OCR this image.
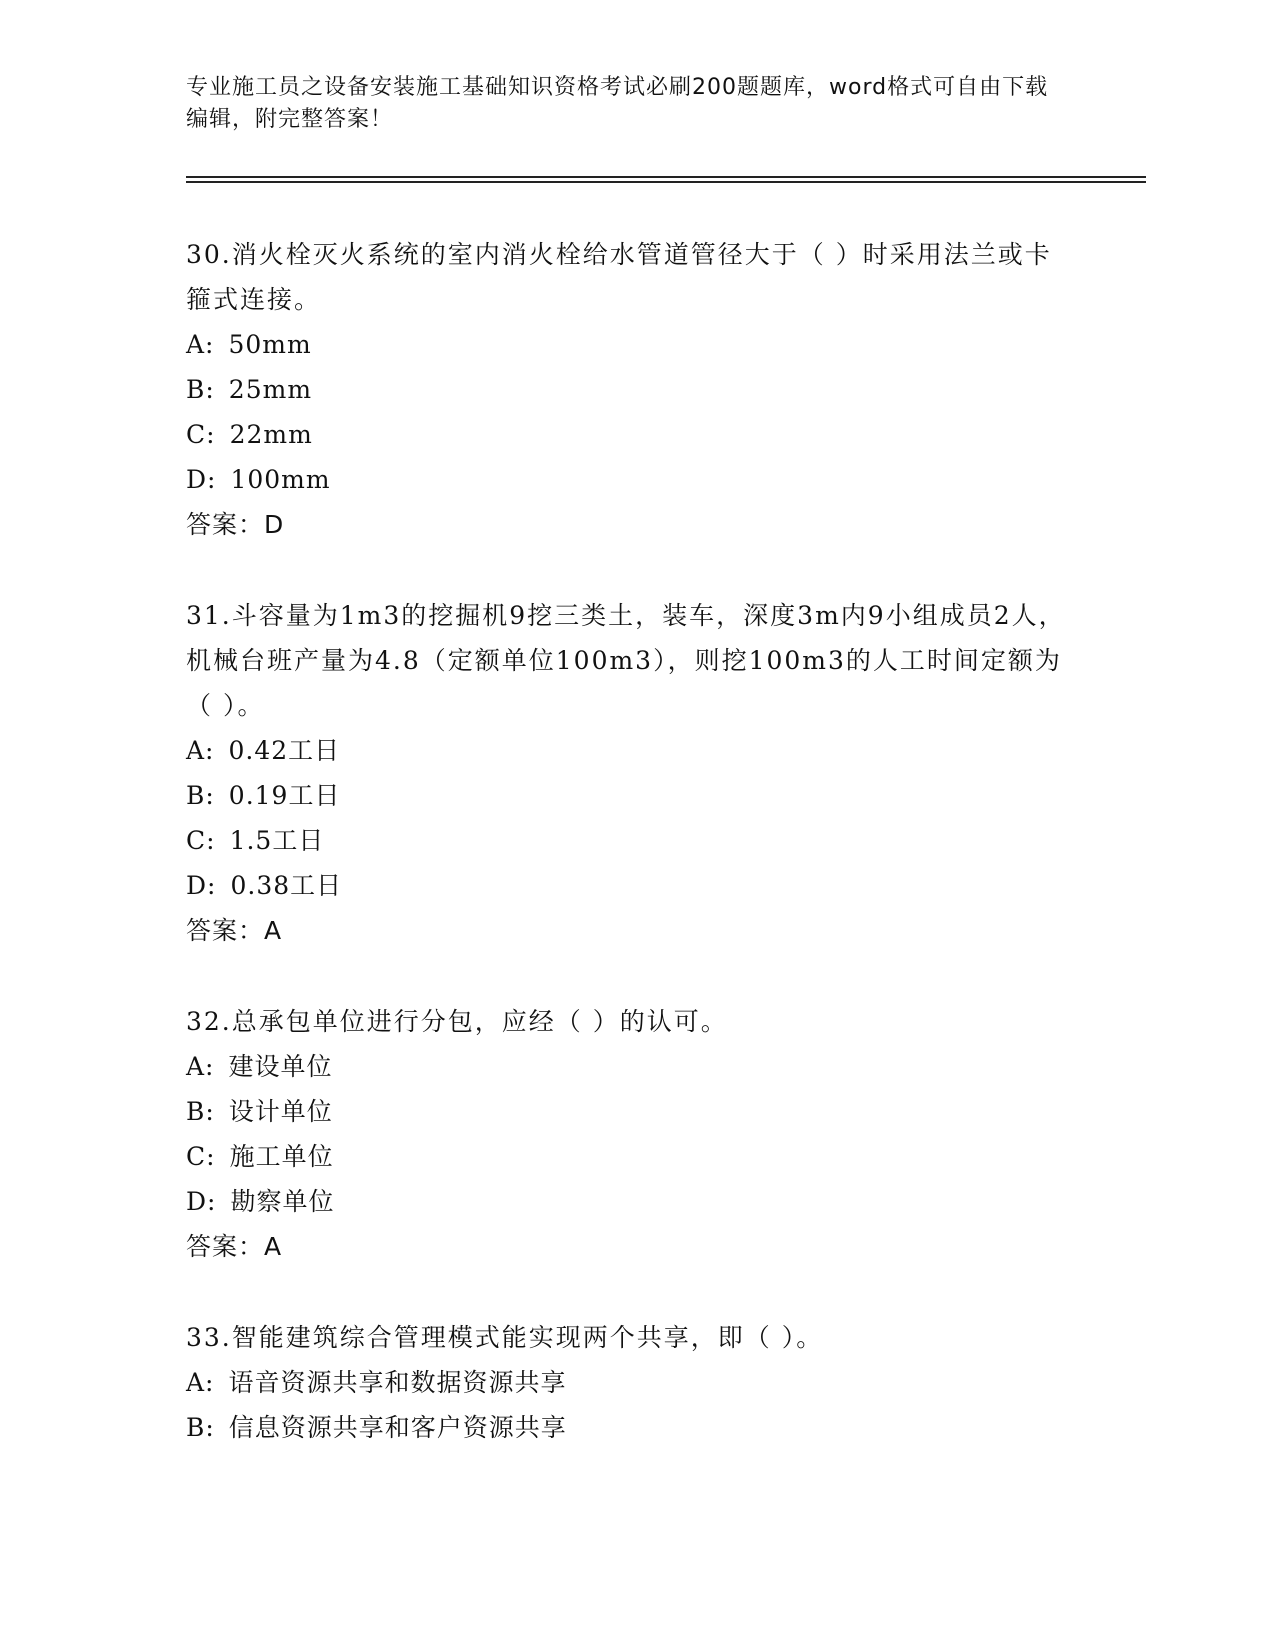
专业施工员之设备安装施工基础知识资格考试必刷200题题库，word格式可自由下载编辑，附完整答案！

30.消火栓灭火系统的室内消火栓给水管道管径大于（ ）时采用法兰或卡箍式连接。

A: 50mm

B: 25mm

C: 22mm

D: 100mm

答案：D

31.斗容量为1m3的挖掘机9挖三类土，装车，深度3m内9小组成员2人，机械台班产量为4.8（定额单位100m3），则挖100m3的人工时间定额为（ ）。

A: 0.42工日

B: 0.19工日

C: 1.5工日

D: 0.38工日

答案：A

32.总承包单位进行分包，应经（ ）的认可。

A: 建设单位

B: 设计单位

C: 施工单位

D: 勘察单位

答案：A

33.智能建筑综合管理模式能实现两个共享，即（ ）。

A: 语音资源共享和数据资源共享

B: 信息资源共享和客户资源共享
